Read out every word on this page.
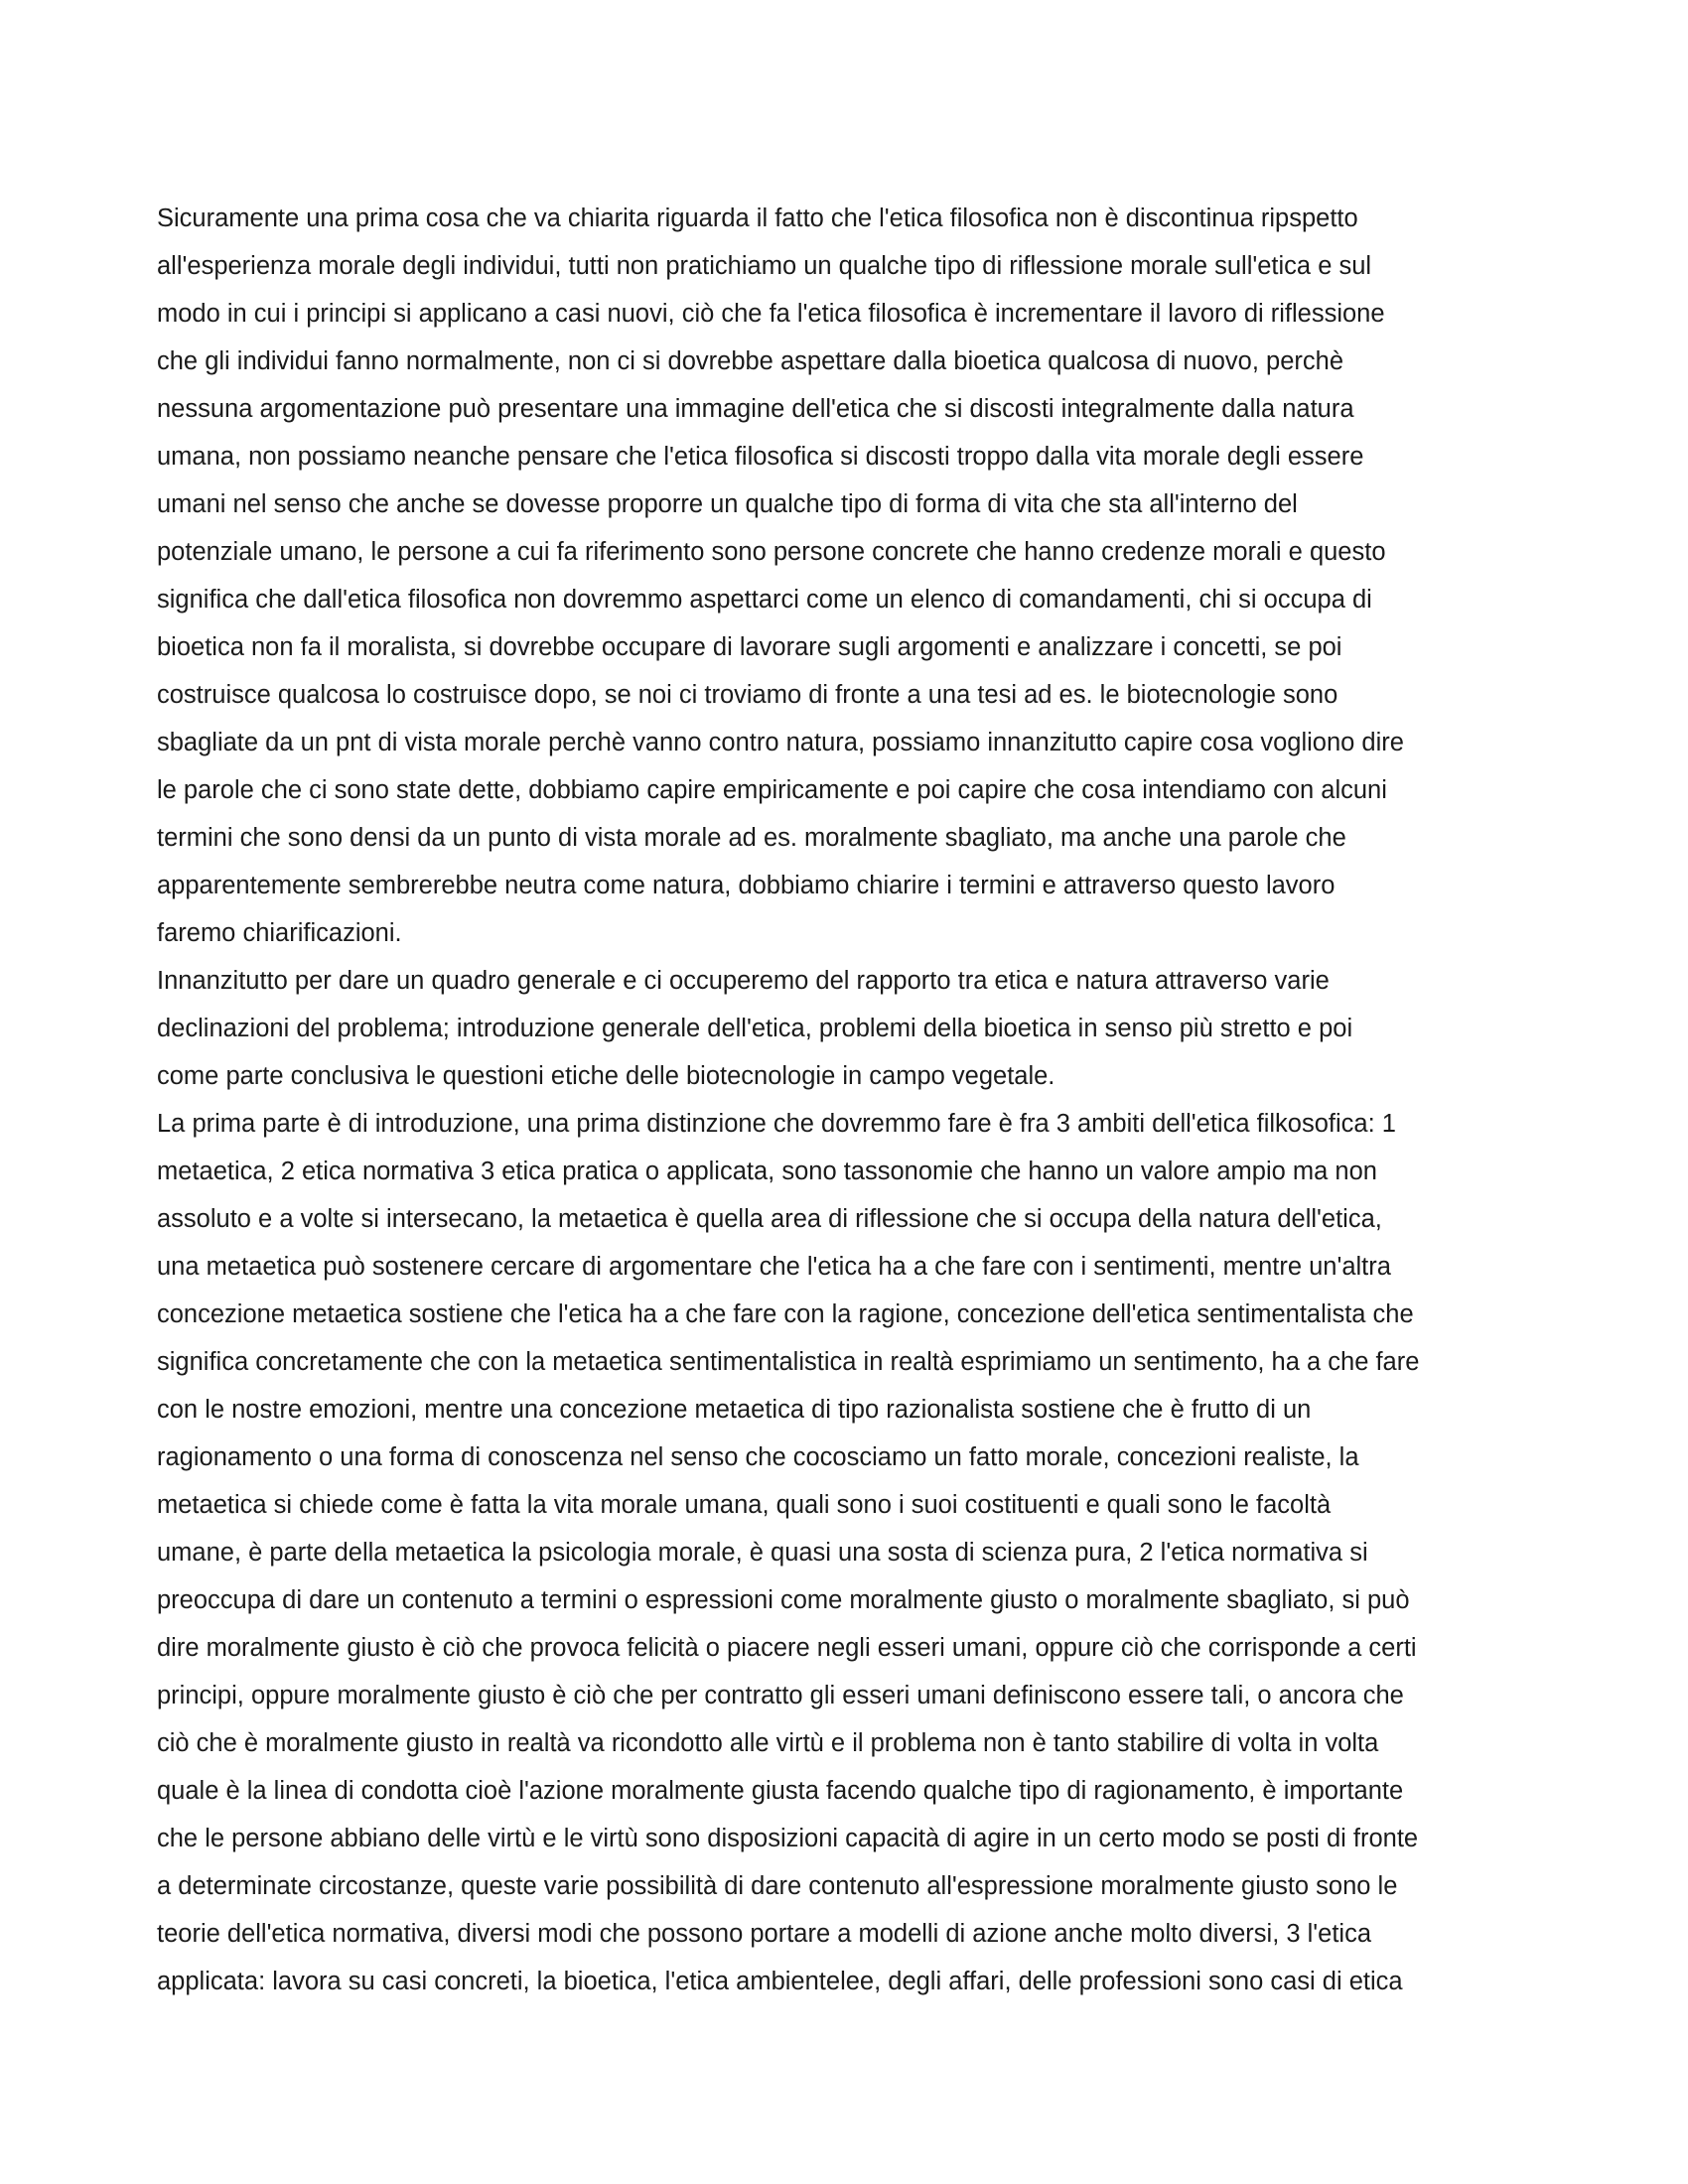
Sicuramente una prima cosa che va chiarita riguarda il fatto che l'etica filosofica non è discontinua ripspetto
all'esperienza morale degli individui, tutti non pratichiamo un qualche tipo di riflessione morale sull'etica e sul
modo in cui i principi si applicano a casi nuovi, ciò che fa l'etica filosofica è incrementare il lavoro di riflessione
che gli individui fanno normalmente, non ci si dovrebbe aspettare dalla bioetica qualcosa di nuovo, perchè
nessuna argomentazione può presentare una immagine dell'etica che si discosti integralmente dalla natura
umana, non possiamo neanche pensare che l'etica filosofica si discosti troppo dalla vita morale degli essere
umani nel senso che anche se dovesse proporre un qualche tipo di forma di vita che sta all'interno del
potenziale umano, le persone a cui fa riferimento sono persone concrete che hanno credenze morali e questo
significa che dall'etica filosofica non dovremmo aspettarci come un elenco di comandamenti, chi si occupa di
bioetica non fa il moralista, si dovrebbe occupare di lavorare sugli argomenti e analizzare i concetti, se poi
costruisce qualcosa lo costruisce dopo, se noi ci troviamo di fronte a una tesi ad es. le biotecnologie sono
sbagliate da un pnt di vista morale perchè vanno contro natura, possiamo innanzitutto capire cosa vogliono dire
le parole che ci sono state dette, dobbiamo capire empiricamente e poi capire che cosa intendiamo con alcuni
termini che sono densi da un punto di vista morale ad es. moralmente sbagliato, ma anche una parole che
apparentemente sembrerebbe neutra come natura, dobbiamo chiarire i termini e attraverso questo lavoro
faremo chiarificazioni.
Innanzitutto per dare un quadro generale e ci occuperemo del rapporto tra etica e natura attraverso varie
declinazioni del problema; introduzione generale dell'etica, problemi della bioetica in senso più stretto e poi
come parte conclusiva le questioni etiche delle biotecnologie in campo vegetale.
La prima parte è di introduzione, una prima distinzione che dovremmo fare è fra 3 ambiti dell'etica filkosofica: 1
metaetica, 2 etica normativa 3 etica pratica o applicata, sono tassonomie che hanno un valore ampio ma non
assoluto e a volte si intersecano, la metaetica è quella area di riflessione che si occupa della natura dell'etica,
una metaetica può sostenere cercare di argomentare che l'etica ha a che fare con i sentimenti, mentre un'altra
concezione metaetica sostiene che l'etica ha a che fare con la ragione, concezione dell'etica sentimentalista che
significa concretamente che con la metaetica sentimentalistica in realtà esprimiamo un sentimento, ha a che fare
con le nostre emozioni, mentre una concezione metaetica di tipo razionalista sostiene che è frutto di un
ragionamento o una forma di conoscenza nel senso che cocosciamo un fatto morale, concezioni realiste, la
metaetica si chiede come è fatta la vita morale umana, quali sono i suoi costituenti e quali sono le facoltà
umane, è parte della metaetica la psicologia morale, è quasi una sosta di scienza pura, 2 l'etica normativa si
preoccupa di dare un contenuto a termini o espressioni come moralmente giusto o moralmente sbagliato, si può
dire moralmente giusto è ciò che provoca felicità o piacere negli esseri umani, oppure ciò che corrisponde a certi
principi, oppure moralmente giusto è ciò che per contratto gli esseri umani definiscono essere tali, o ancora che
ciò che è moralmente giusto in realtà va ricondotto alle virtù e il problema non è tanto stabilire di volta in volta
quale è la linea di condotta cioè l'azione moralmente giusta facendo qualche tipo di ragionamento, è importante
che le persone abbiano delle virtù e le virtù sono disposizioni capacità di agire in un certo modo se posti di fronte
a determinate circostanze, queste varie possibilità di dare contenuto all'espressione moralmente giusto sono le
teorie dell'etica normativa, diversi modi che possono portare a modelli di azione anche molto diversi, 3 l'etica
applicata: lavora su casi concreti, la bioetica, l'etica ambientelee, degli affari, delle professioni sono casi di etica
